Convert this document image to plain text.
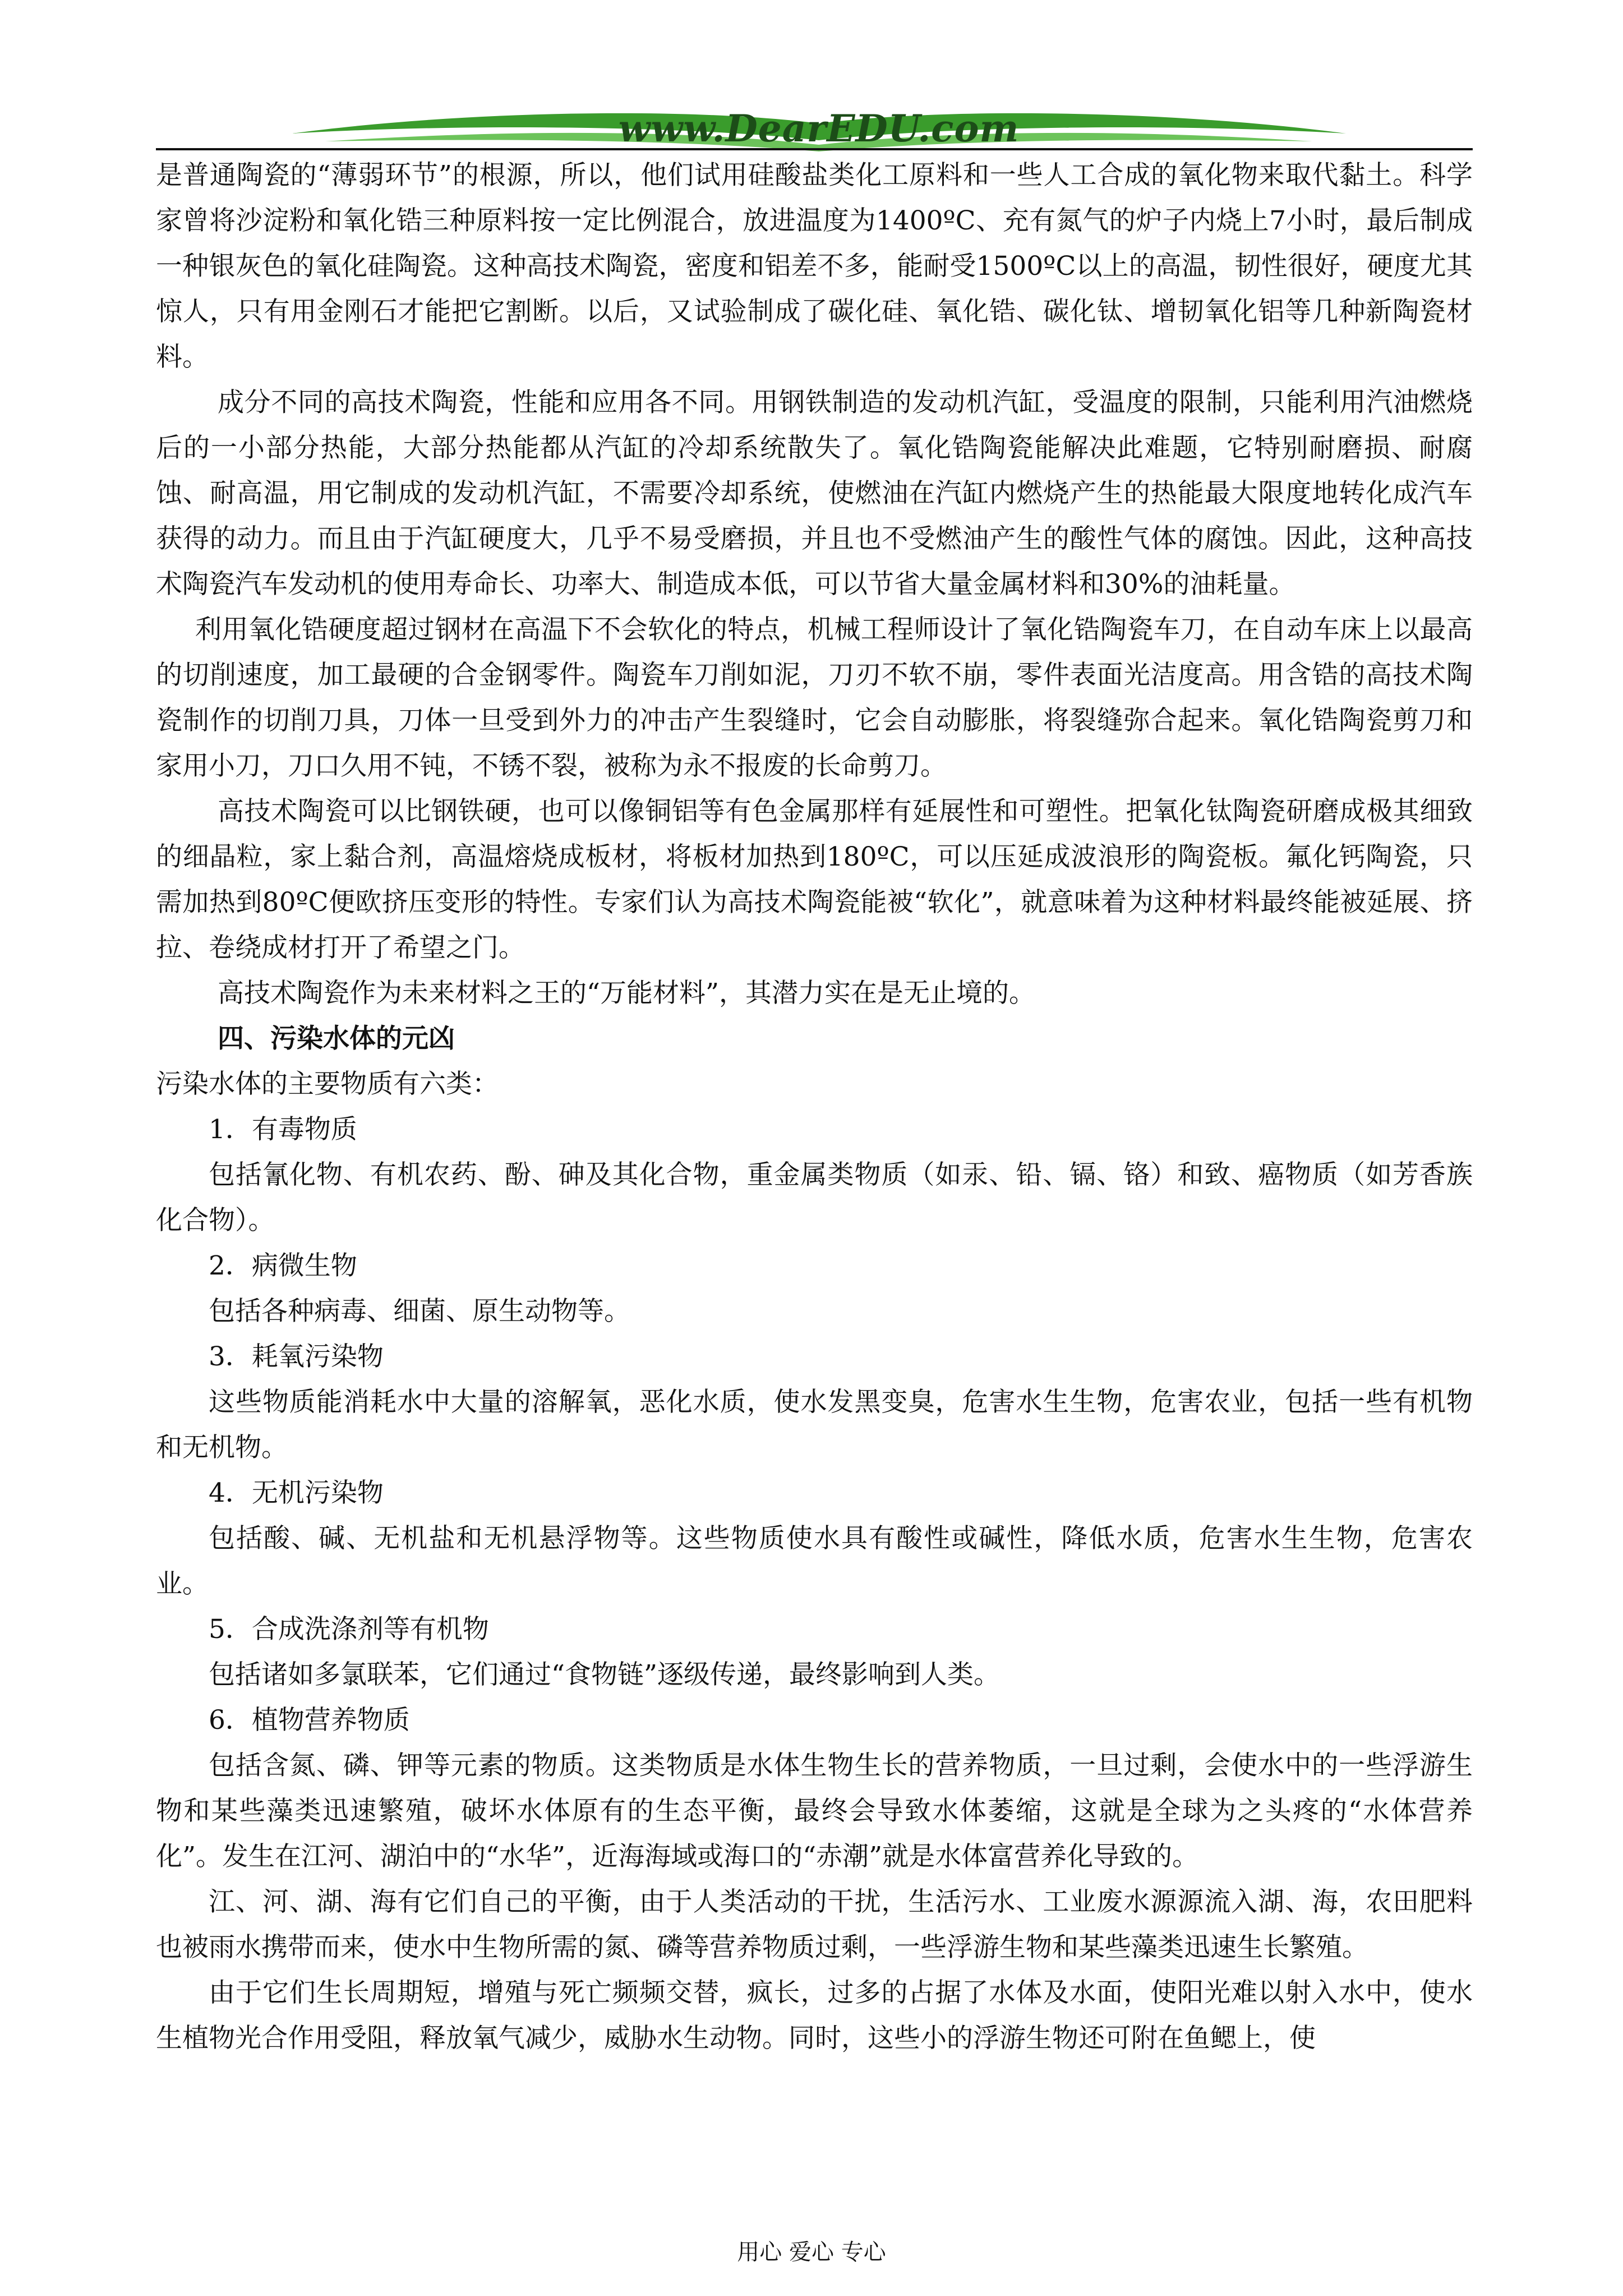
www.DearEDU.com

是普通陶瓷的“薄弱环节”的根源，所以，他们试用硅酸盐类化工原料和一些人工合成的氧化物来取代黏土。科学家曾将沙淀粉和氧化锆三种原料按一定比例混合，放进温度为1400ºC、充有氮气的炉子内烧上7小时，最后制成一种银灰色的氧化硅陶瓷。这种高技术陶瓷，密度和铝差不多，能耐受1500ºC以上的高温，韧性很好，硬度尤其惊人，只有用金刚石才能把它割断。以后，又试验制成了碳化硅、氧化锆、碳化钛、增韧氧化铝等几种新陶瓷材料。

成分不同的高技术陶瓷，性能和应用各不同。用钢铁制造的发动机汽缸，受温度的限制，只能利用汽油燃烧后的一小部分热能，大部分热能都从汽缸的冷却系统散失了。氧化锆陶瓷能解决此难题，它特别耐磨损、耐腐蚀、耐高温，用它制成的发动机汽缸，不需要冷却系统，使燃油在汽缸内燃烧产生的热能最大限度地转化成汽车获得的动力。而且由于汽缸硬度大，几乎不易受磨损，并且也不受燃油产生的酸性气体的腐蚀。因此，这种高技术陶瓷汽车发动机的使用寿命长、功率大、制造成本低，可以节省大量金属材料和30%的油耗量。

利用氧化锆硬度超过钢材在高温下不会软化的特点，机械工程师设计了氧化锆陶瓷车刀，在自动车床上以最高的切削速度，加工最硬的合金钢零件。陶瓷车刀削如泥，刀刃不软不崩，零件表面光洁度高。用含锆的高技术陶瓷制作的切削刀具，刀体一旦受到外力的冲击产生裂缝时，它会自动膨胀，将裂缝弥合起来。氧化锆陶瓷剪刀和家用小刀，刀口久用不钝，不锈不裂，被称为永不报废的长命剪刀。

高技术陶瓷可以比钢铁硬，也可以像铜铝等有色金属那样有延展性和可塑性。把氧化钛陶瓷研磨成极其细致的细晶粒，家上黏合剂，高温熔烧成板材，将板材加热到180ºC，可以压延成波浪形的陶瓷板。氟化钙陶瓷，只需加热到80ºC便欧挤压变形的特性。专家们认为高技术陶瓷能被“软化”，就意味着为这种材料最终能被延展、挤拉、卷绕成材打开了希望之门。

高技术陶瓷作为未来材料之王的“万能材料”，其潜力实在是无止境的。

四、污染水体的元凶

污染水体的主要物质有六类：

1．有毒物质

包括氰化物、有机农药、酚、砷及其化合物，重金属类物质（如汞、铅、镉、铬）和致、癌物质（如芳香族化合物）。

2．病微生物

包括各种病毒、细菌、原生动物等。

3．耗氧污染物

这些物质能消耗水中大量的溶解氧，恶化水质，使水发黑变臭，危害水生生物，危害农业，包括一些有机物和无机物。

4．无机污染物

包括酸、碱、无机盐和无机悬浮物等。这些物质使水具有酸性或碱性，降低水质，危害水生生物，危害农业。

5．合成洗涤剂等有机物

包括诸如多氯联苯，它们通过“食物链”逐级传递，最终影响到人类。

6．植物营养物质

包括含氮、磷、钾等元素的物质。这类物质是水体生物生长的营养物质，一旦过剩，会使水中的一些浮游生物和某些藻类迅速繁殖，破坏水体原有的生态平衡，最终会导致水体萎缩，这就是全球为之头疼的“水体营养化”。发生在江河、湖泊中的“水华”，近海海域或海口的“赤潮”就是水体富营养化导致的。

江、河、湖、海有它们自己的平衡，由于人类活动的干扰，生活污水、工业废水源源流入湖、海，农田肥料也被雨水携带而来，使水中生物所需的氮、磷等营养物质过剩，一些浮游生物和某些藻类迅速生长繁殖。

由于它们生长周期短，增殖与死亡频频交替，疯长，过多的占据了水体及水面，使阳光难以射入水中，使水生植物光合作用受阻，释放氧气减少，威胁水生动物。同时，这些小的浮游生物还可附在鱼鳃上，使

用心 爱心 专心
